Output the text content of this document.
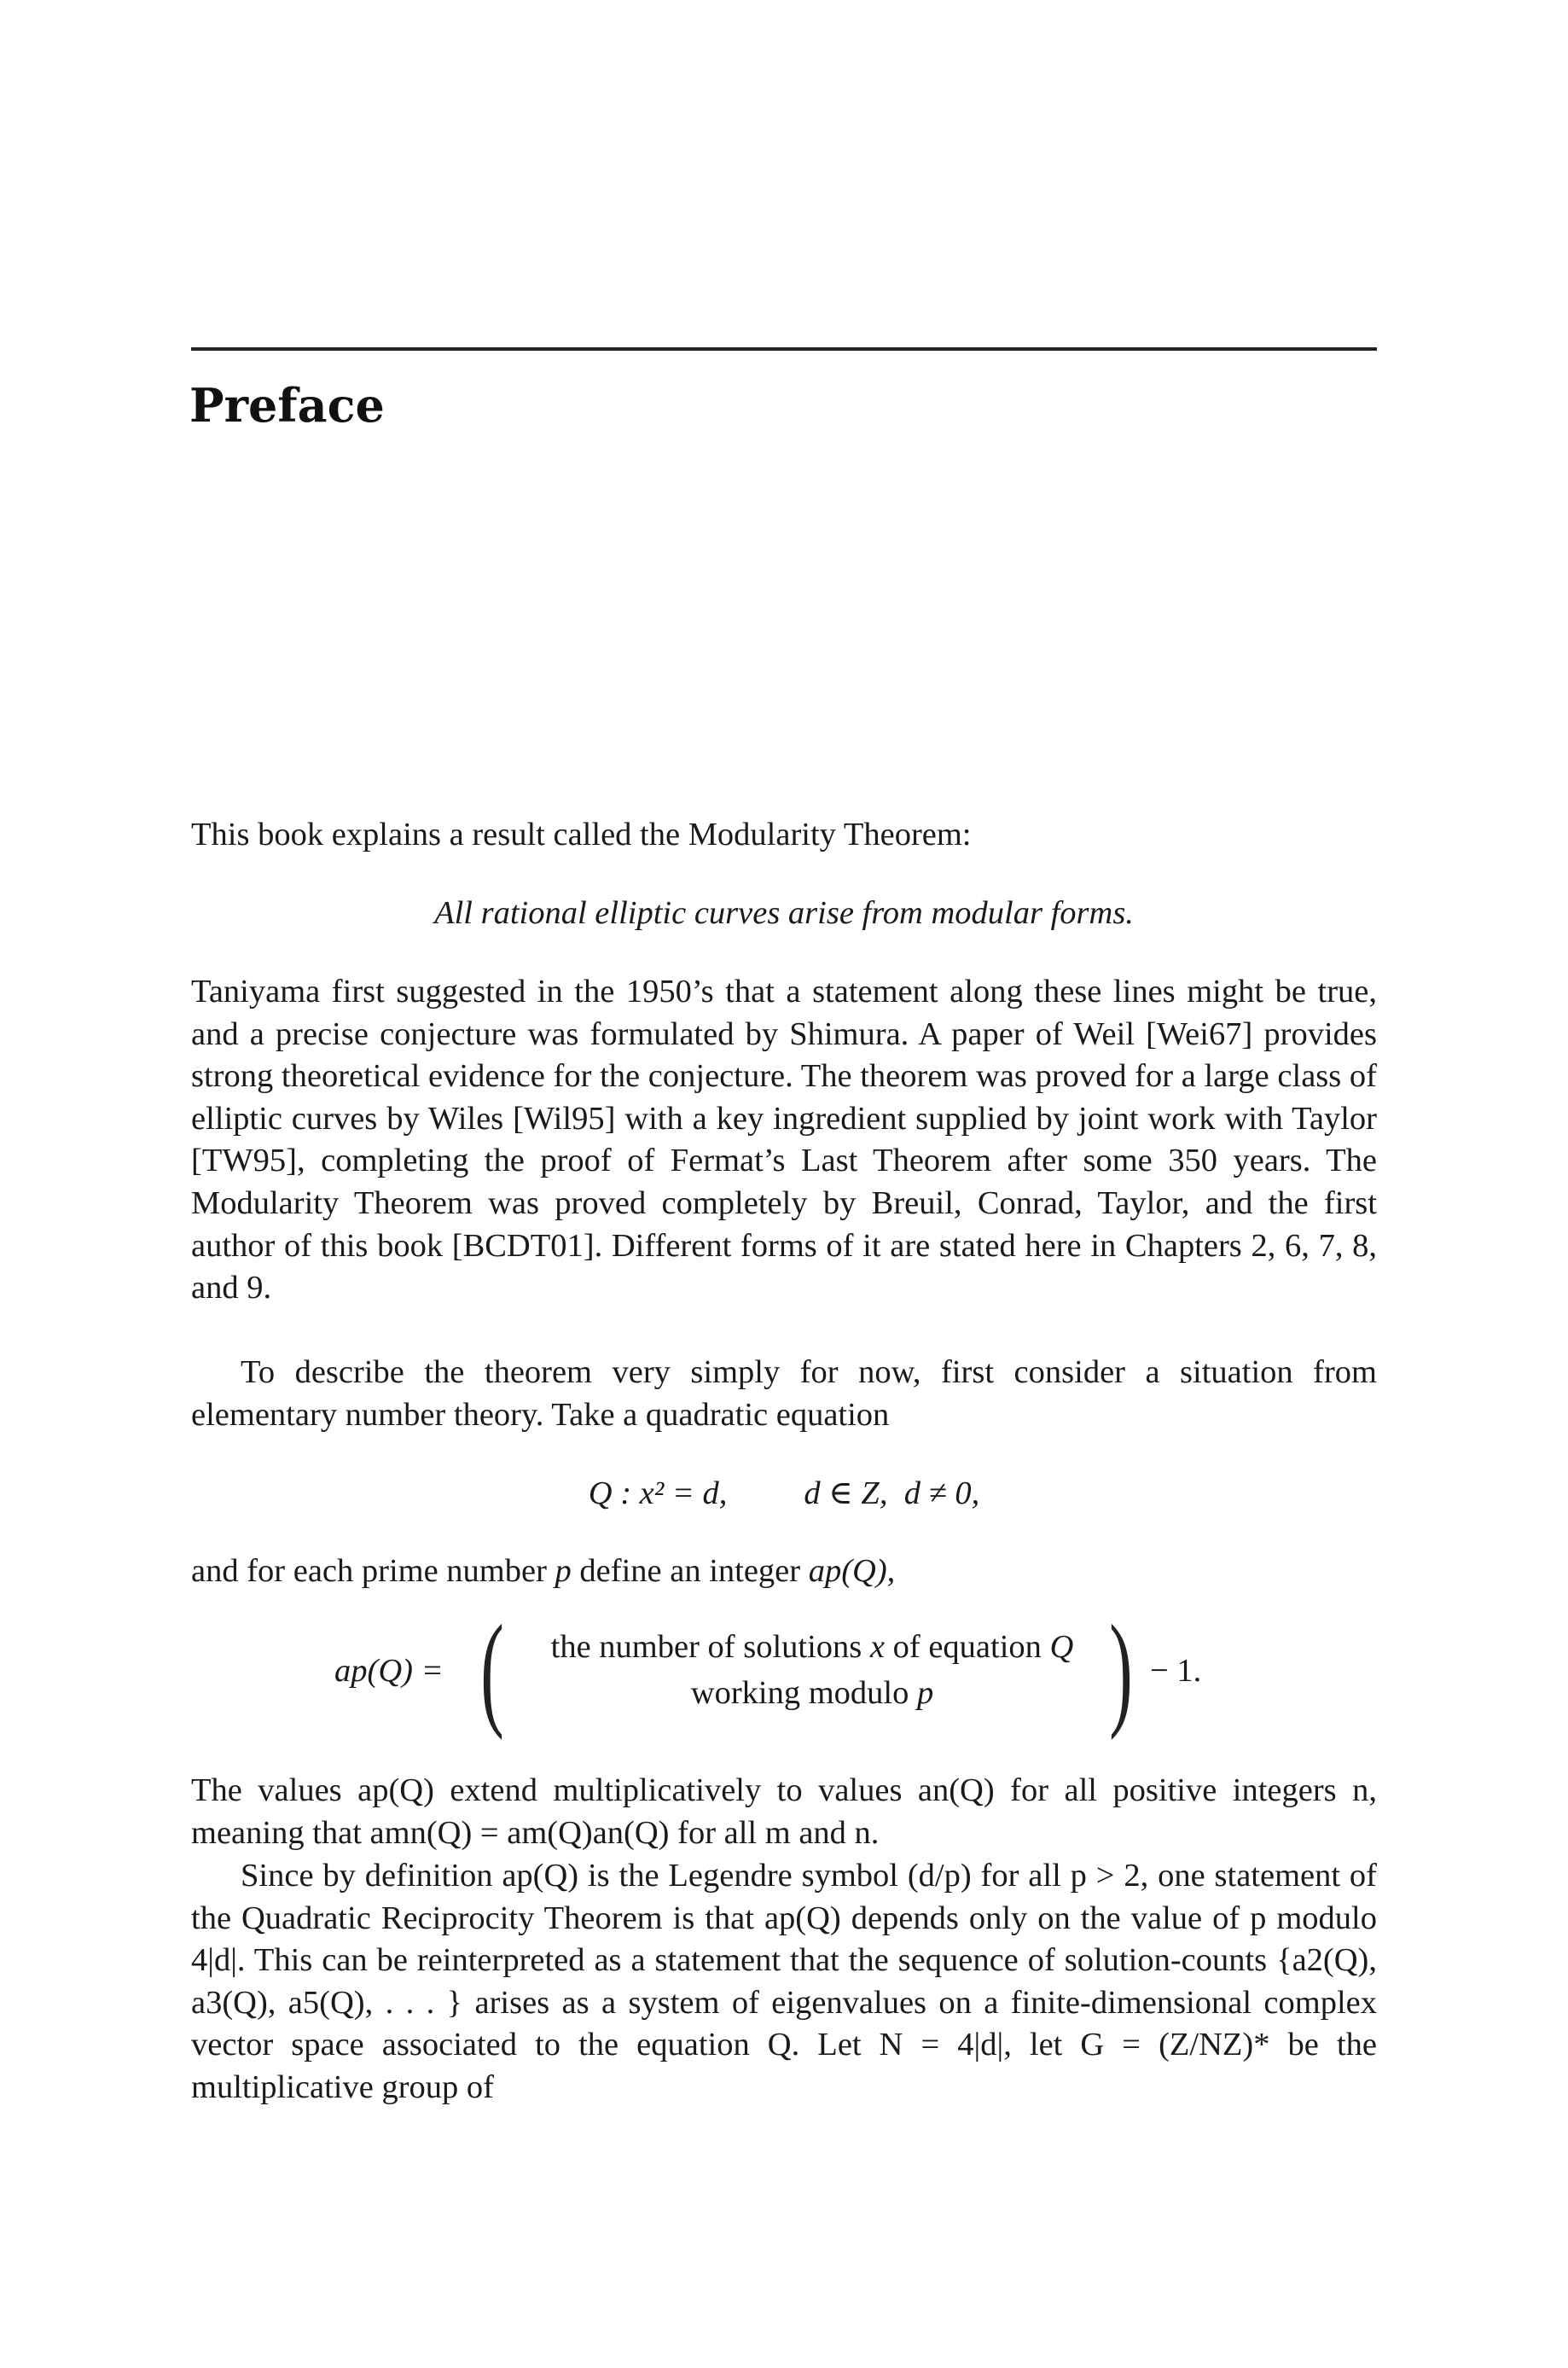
Preface

This book explains a result called the Modularity Theorem:

All rational elliptic curves arise from modular forms.

Taniyama first suggested in the 1950’s that a statement along these lines might be true, and a precise conjecture was formulated by Shimura. A paper of Weil [Wei67] provides strong theoretical evidence for the conjecture. The theorem was proved for a large class of elliptic curves by Wiles [Wil95] with a key ingredient supplied by joint work with Taylor [TW95], completing the proof of Fermat’s Last Theorem after some 350 years. The Modularity Theorem was proved completely by Breuil, Conrad, Taylor, and the first author of this book [BCDT01]. Different forms of it are stated here in Chapters 2, 6, 7, 8, and 9.

To describe the theorem very simply for now, first consider a situation from elementary number theory. Take a quadratic equation

Q : x² = d, d ∈ Z,  d ≠ 0,

and for each prime number p define an integer ap(Q),

ap(Q) = (	the number of solutions x of equation Q
working modulo p	) − 1.

The values ap(Q) extend multiplicatively to values an(Q) for all positive integers n, meaning that amn(Q) = am(Q)an(Q) for all m and n.

Since by definition ap(Q) is the Legendre symbol (d/p) for all p > 2, one statement of the Quadratic Reciprocity Theorem is that ap(Q) depends only on the value of p modulo 4|d|. This can be reinterpreted as a statement that the sequence of solution-counts {a2(Q), a3(Q), a5(Q), . . . } arises as a system of eigenvalues on a finite-dimensional complex vector space associated to the equation Q. Let N = 4|d|, let G = (Z/NZ)* be the multiplicative group of
